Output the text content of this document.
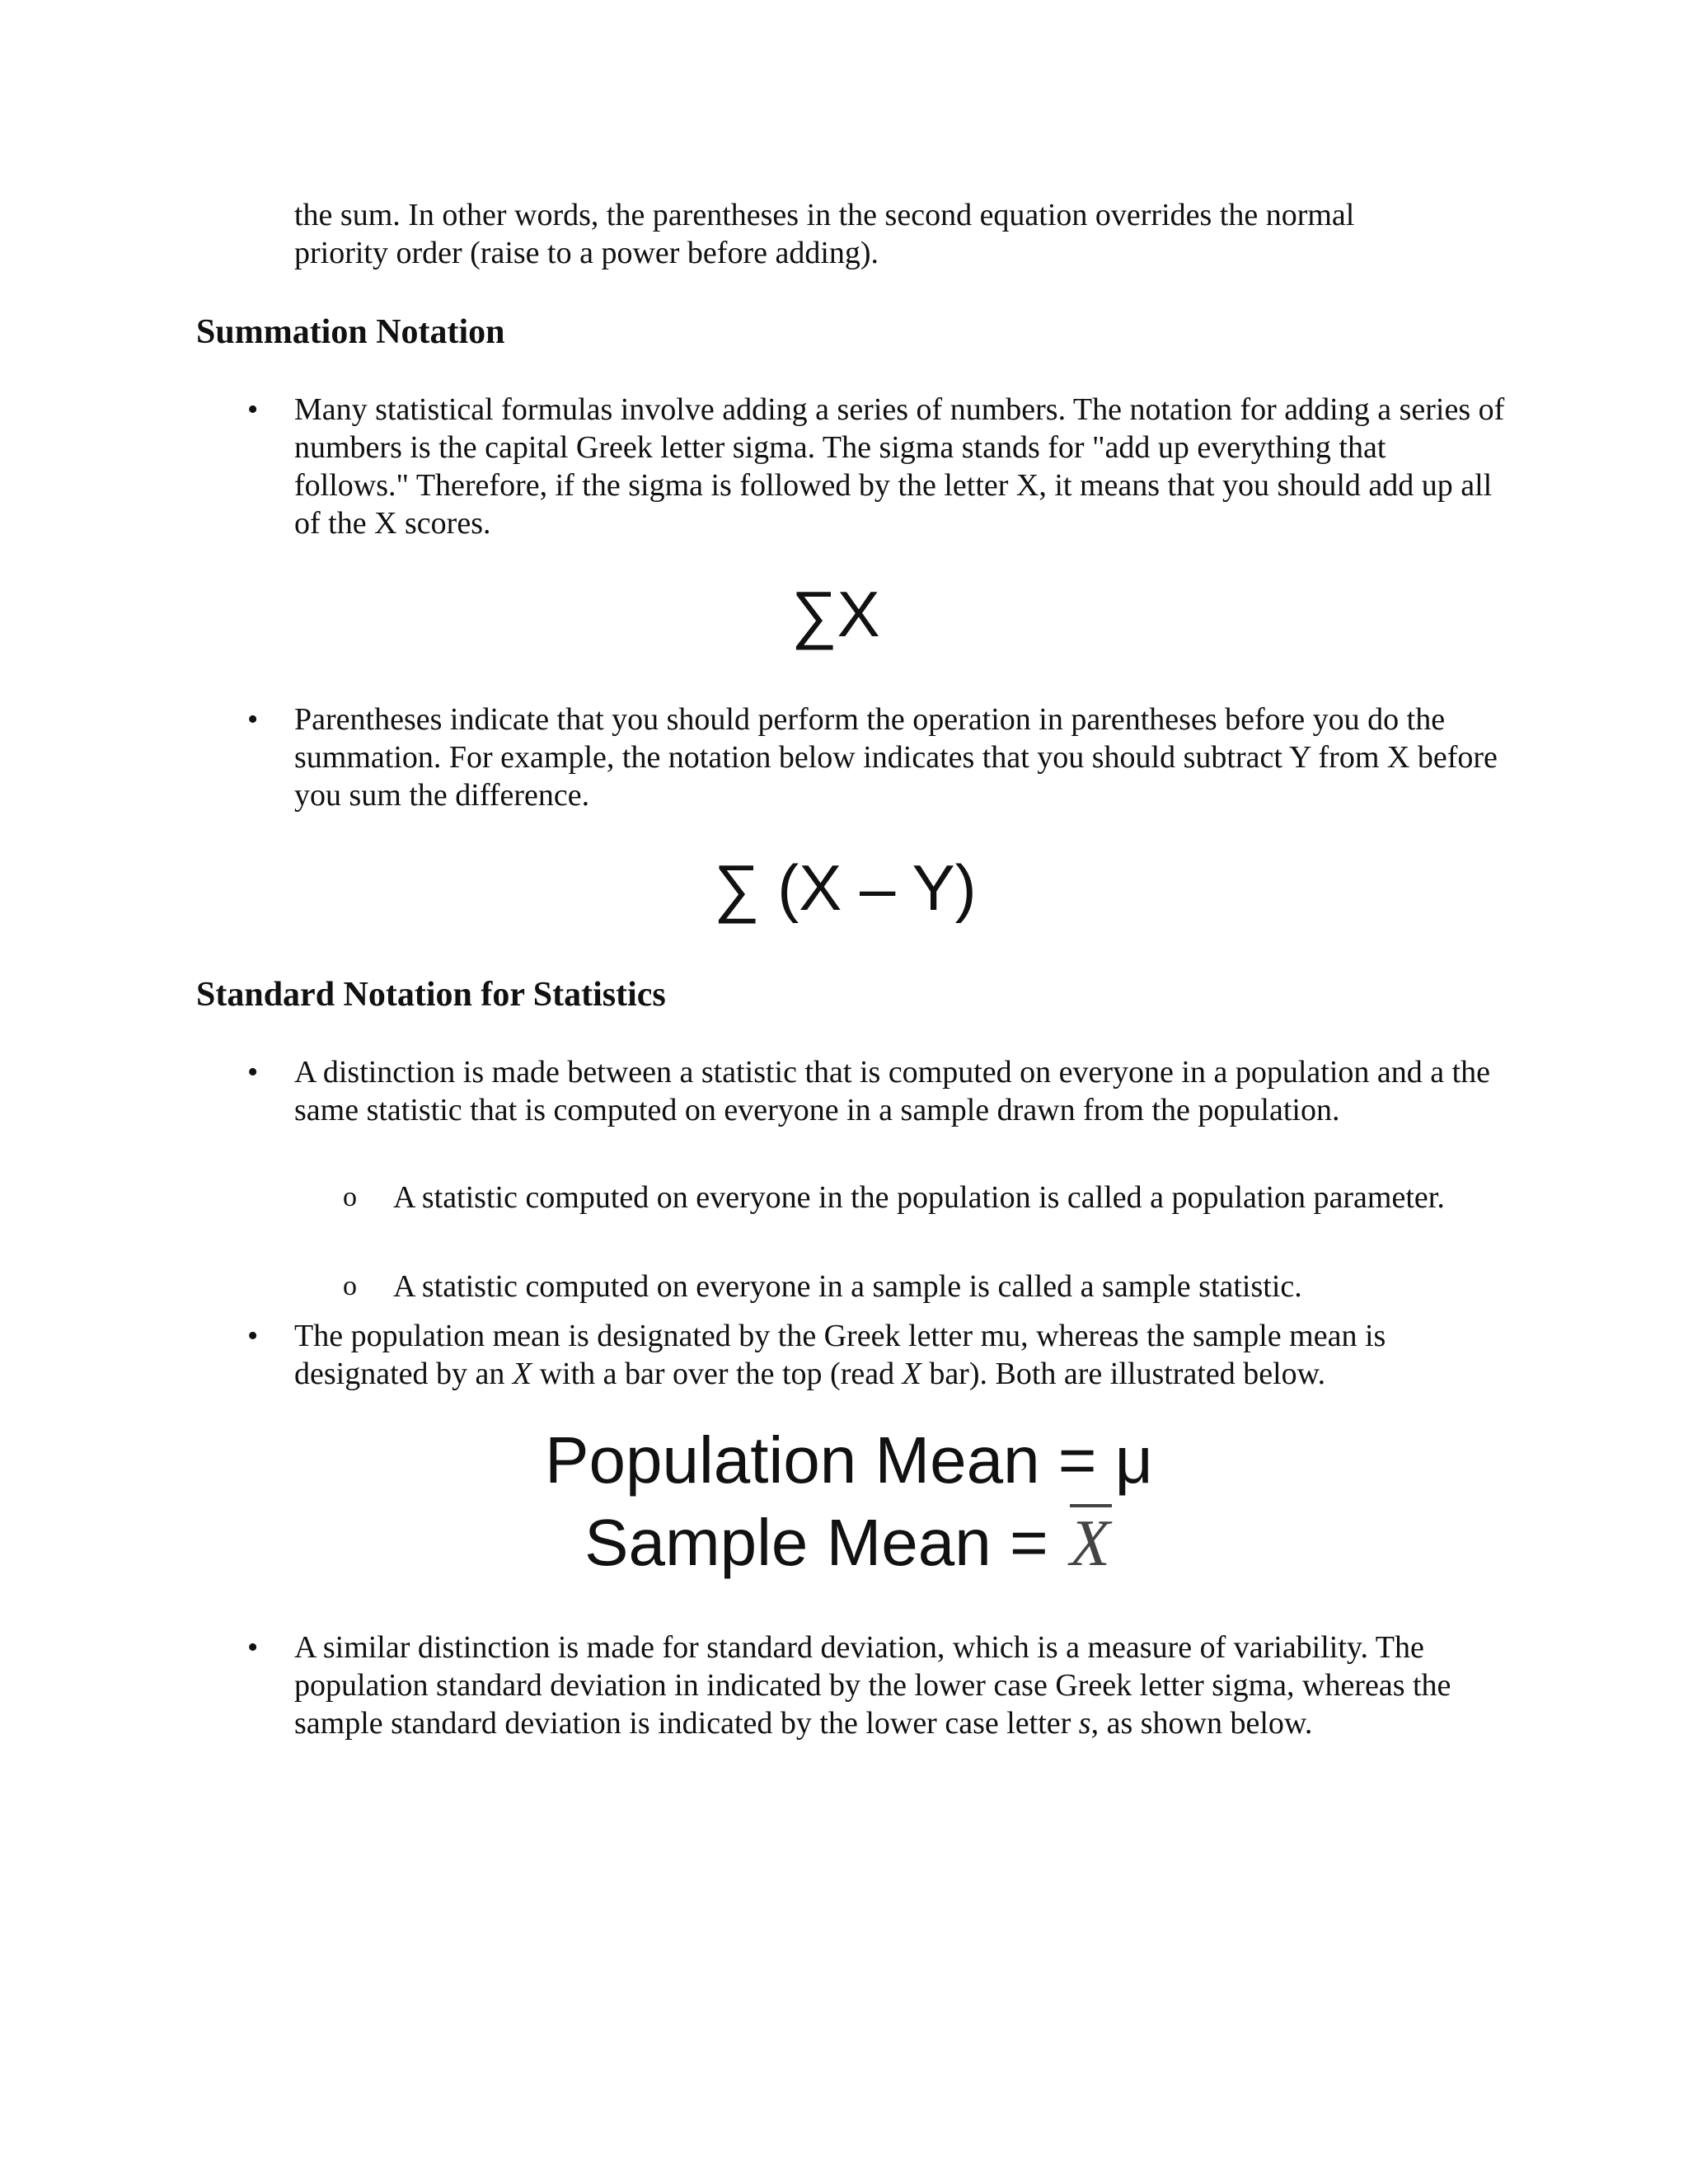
the sum. In other words, the parentheses in the second equation overrides the normal
priority order (raise to a power before adding).
Summation Notation
• Many statistical formulas involve adding a series of numbers. The notation for adding a series of numbers is the capital Greek letter sigma. The sigma stands for "add up everything that follows." Therefore, if the sigma is followed by the letter X, it means that you should add up all of the X scores.
∑X
• Parentheses indicate that you should perform the operation in parentheses before you do the summation. For example, the notation below indicates that you should subtract Y from X before you sum the difference.
∑ (X – Y)
Standard Notation for Statistics
• A distinction is made between a statistic that is computed on everyone in a population and a the same statistic that is computed on everyone in a sample drawn from the population.
o A statistic computed on everyone in the population is called a population parameter.
o A statistic computed on everyone in a sample is called a sample statistic.
• The population mean is designated by the Greek letter mu, whereas the sample mean is designated by an X with a bar over the top (read X bar). Both are illustrated below.
Population Mean = μ
Sample Mean = X
• A similar distinction is made for standard deviation, which is a measure of variability. The population standard deviation in indicated by the lower case Greek letter sigma, whereas the sample standard deviation is indicated by the lower case letter s, as shown below.
